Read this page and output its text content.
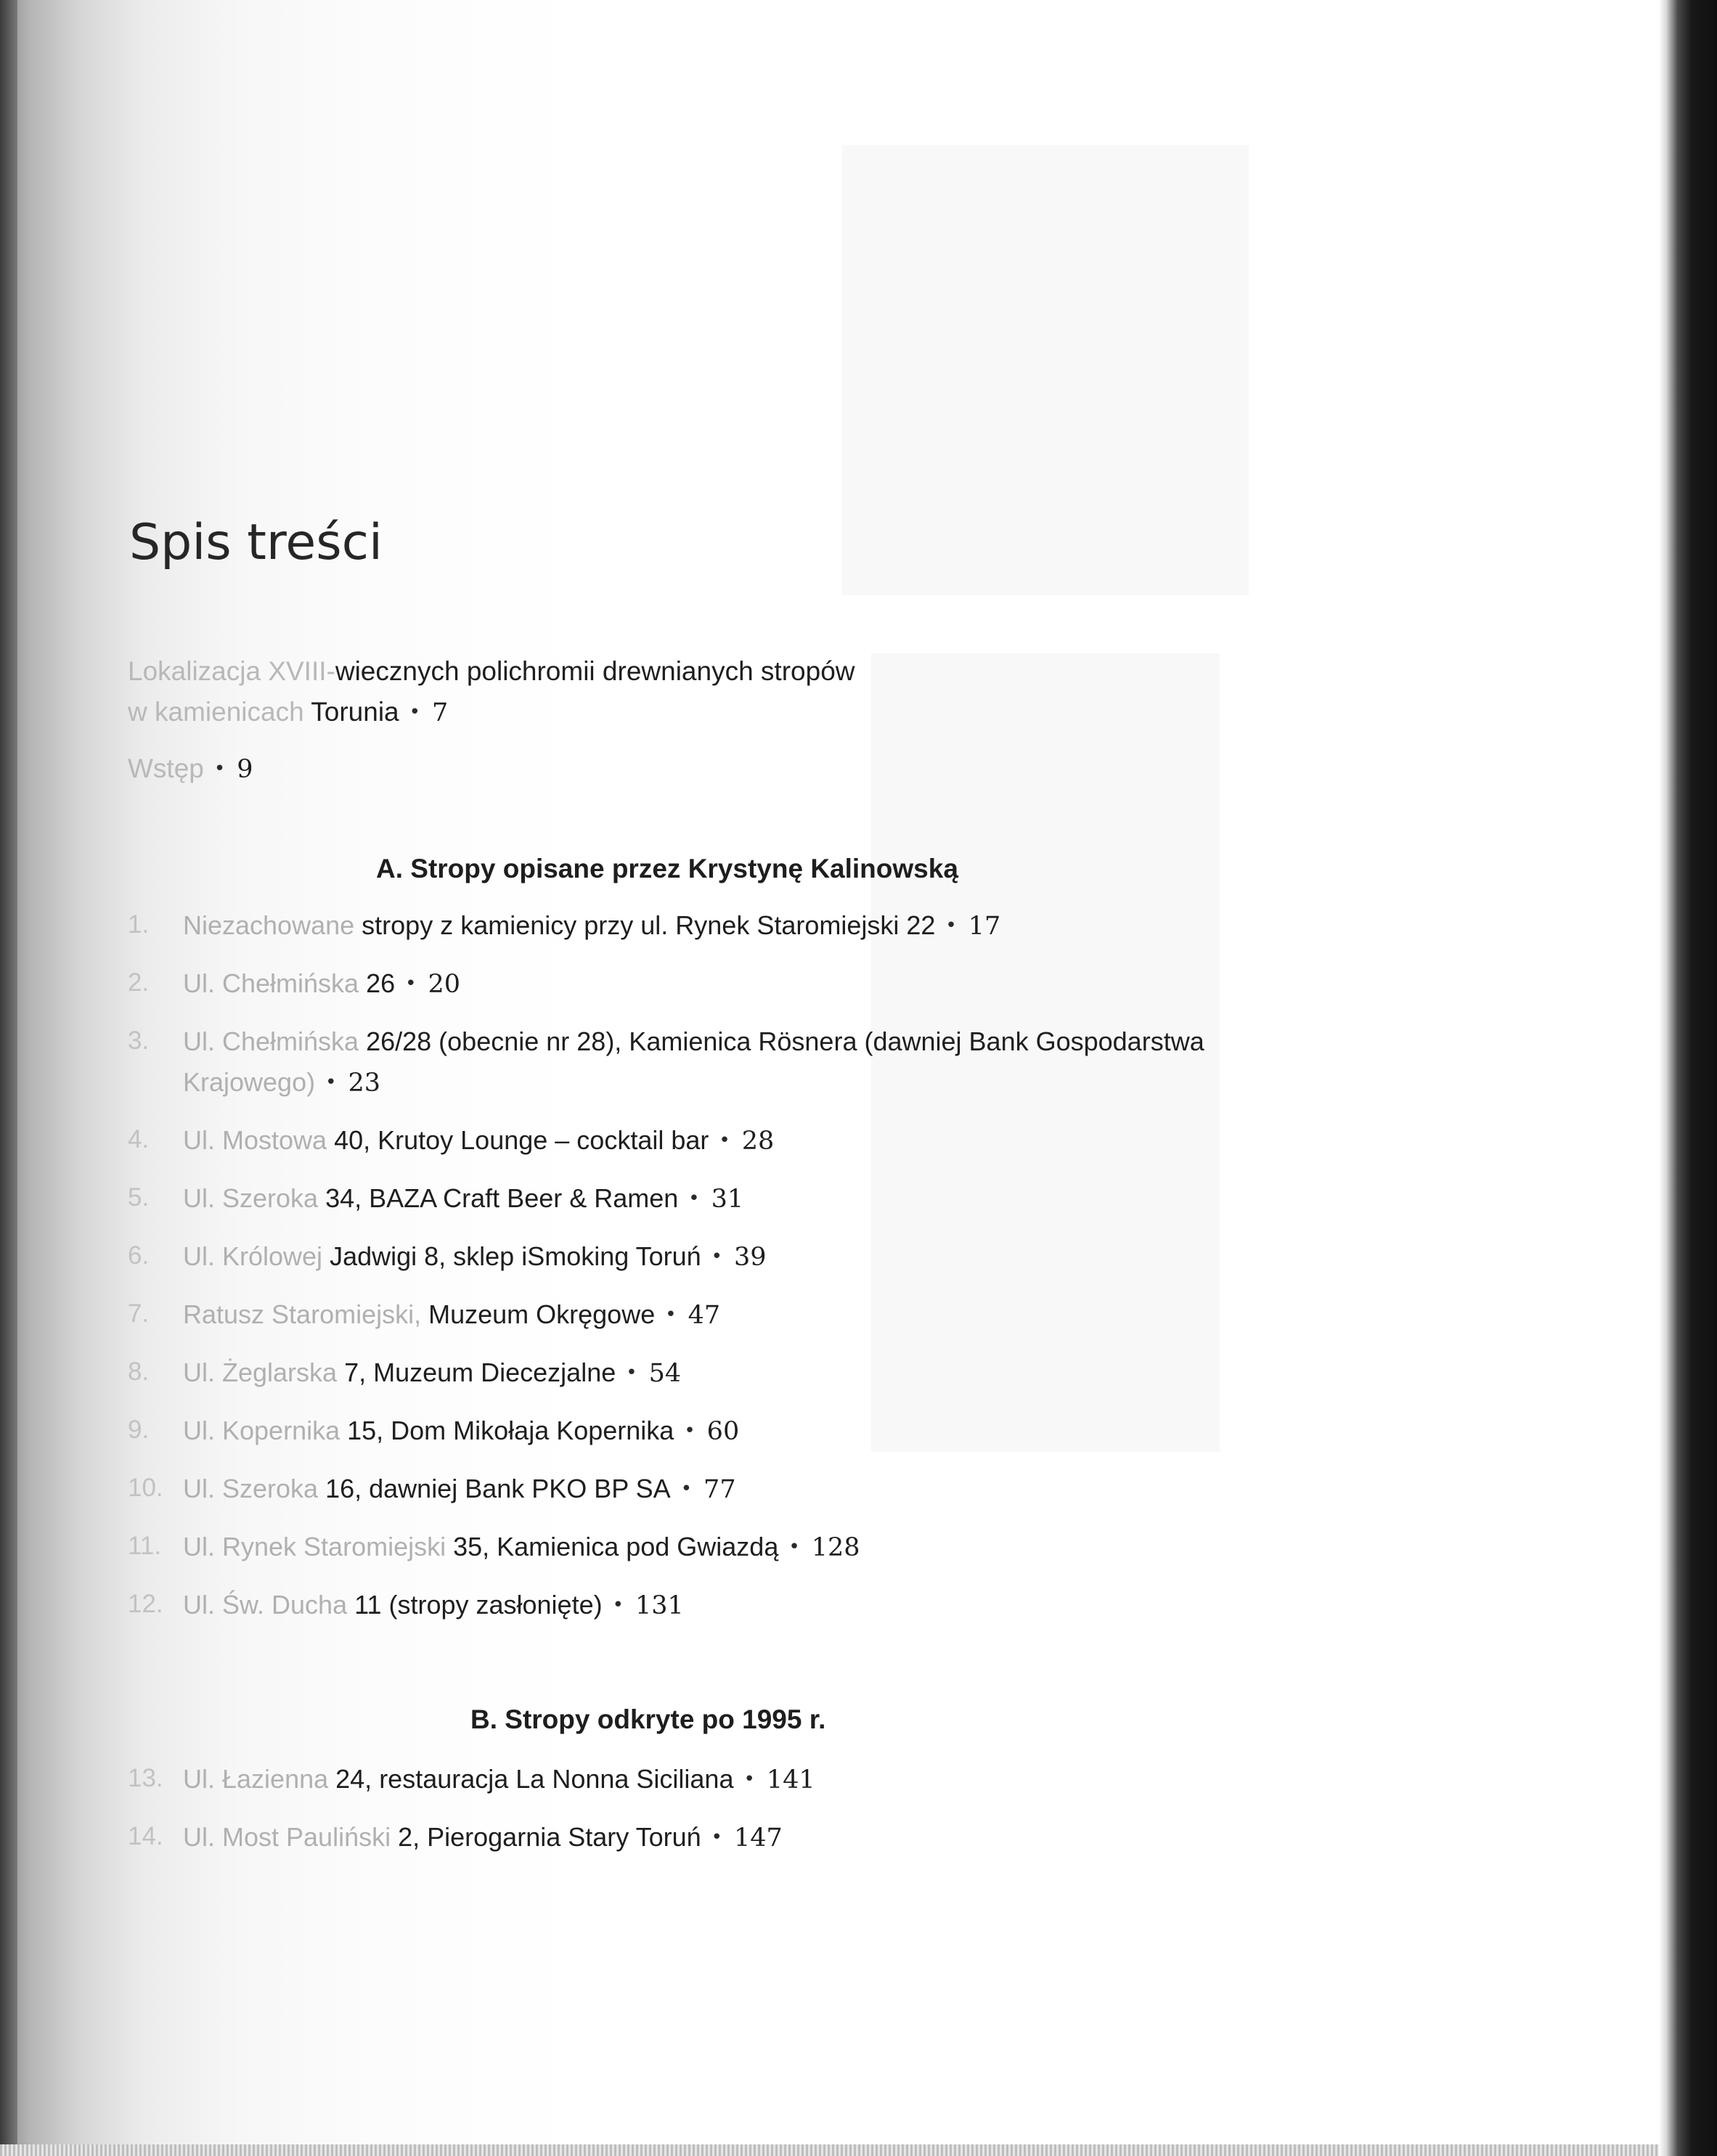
Spis treści

Lokalizacja XVIII-wiecznych polichromii drewnianych stropów

w kamienicach Torunia • 7

Wstęp • 9

A. Stropy opisane przez Krystynę Kalinowską
1. Niezachowane stropy z kamienicy przy ul. Rynek Staromiejski 22 • 17
2. Ul. Chełmińska 26 • 20
3. Ul. Chełmińska 26/28 (obecnie nr 28), Kamienica Rösnera (dawniej Bank Gospodarstwa
Krajowego) • 23
4. Ul. Mostowa 40, Krutoy Lounge – cocktail bar • 28
5. Ul. Szeroka 34, BAZA Craft Beer & Ramen • 31
6. Ul. Królowej Jadwigi 8, sklep iSmoking Toruń • 39
7. Ratusz Staromiejski, Muzeum Okręgowe • 47
8. Ul. Żeglarska 7, Muzeum Diecezjalne • 54
9. Ul. Kopernika 15, Dom Mikołaja Kopernika • 60
10. Ul. Szeroka 16, dawniej Bank PKO BP SA • 77
11. Ul. Rynek Staromiejski 35, Kamienica pod Gwiazdą • 128
12. Ul. Św. Ducha 11 (stropy zasłonięte) • 131
B. Stropy odkryte po 1995 r.
13. Ul. Łazienna 24, restauracja La Nonna Siciliana • 141
14. Ul. Most Pauliński 2, Pierogarnia Stary Toruń • 147
